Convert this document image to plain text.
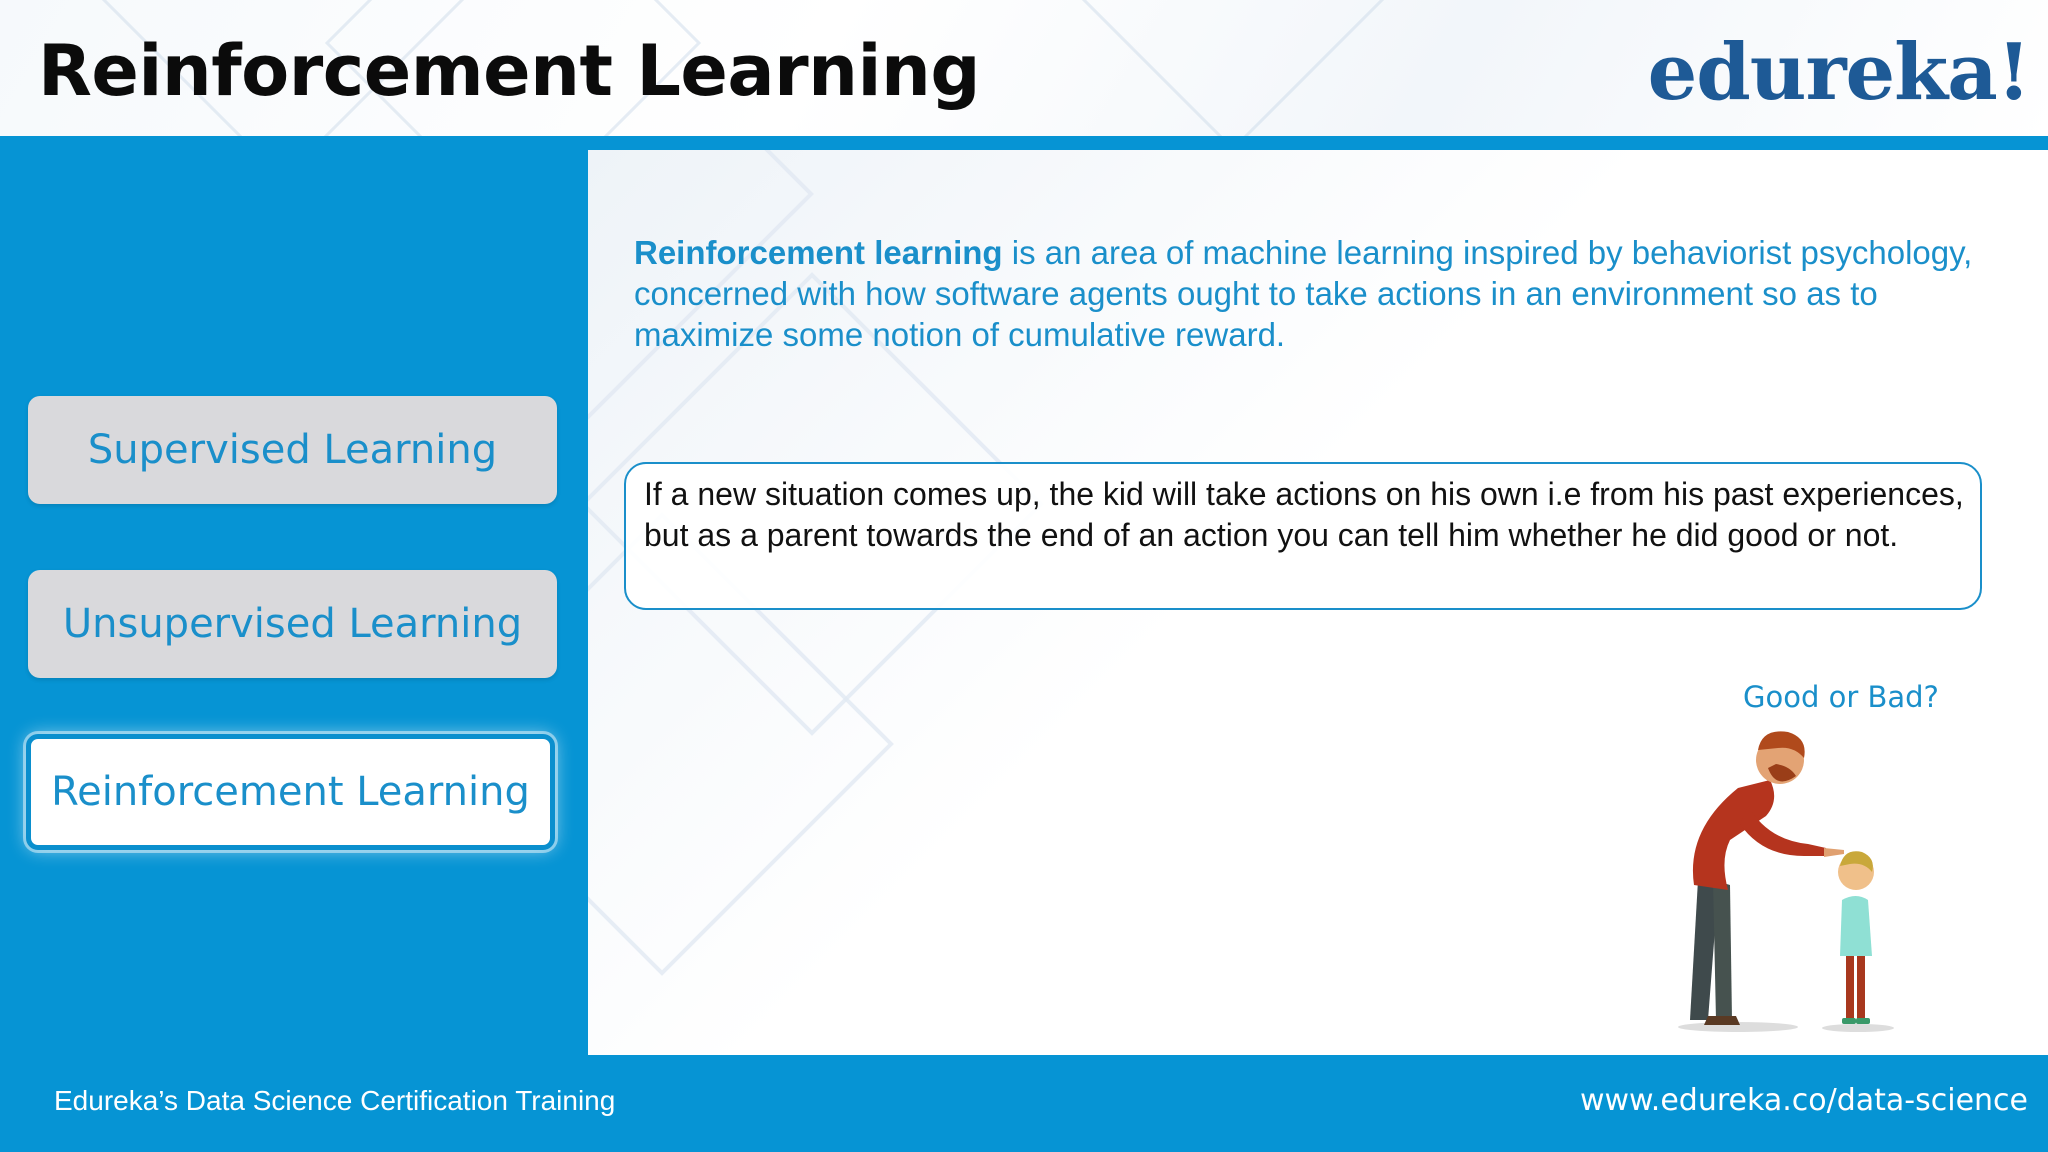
Reinforcement Learning	edureka!
Supervised Learning
Unsupervised Learning
Reinforcement Learning

Reinforcement learning is an area of machine learning inspired by behaviorist psychology, concerned with how software agents ought to take actions in an environment so as to maximize some notion of cumulative reward.

If a new situation comes up, the kid will take actions on his own i.e from his past experiences, but as a parent towards the end of an action you can tell him whether he did good or not.

Good or Bad?

Edureka’s Data Science Certification Training	www.edureka.co/data-science
